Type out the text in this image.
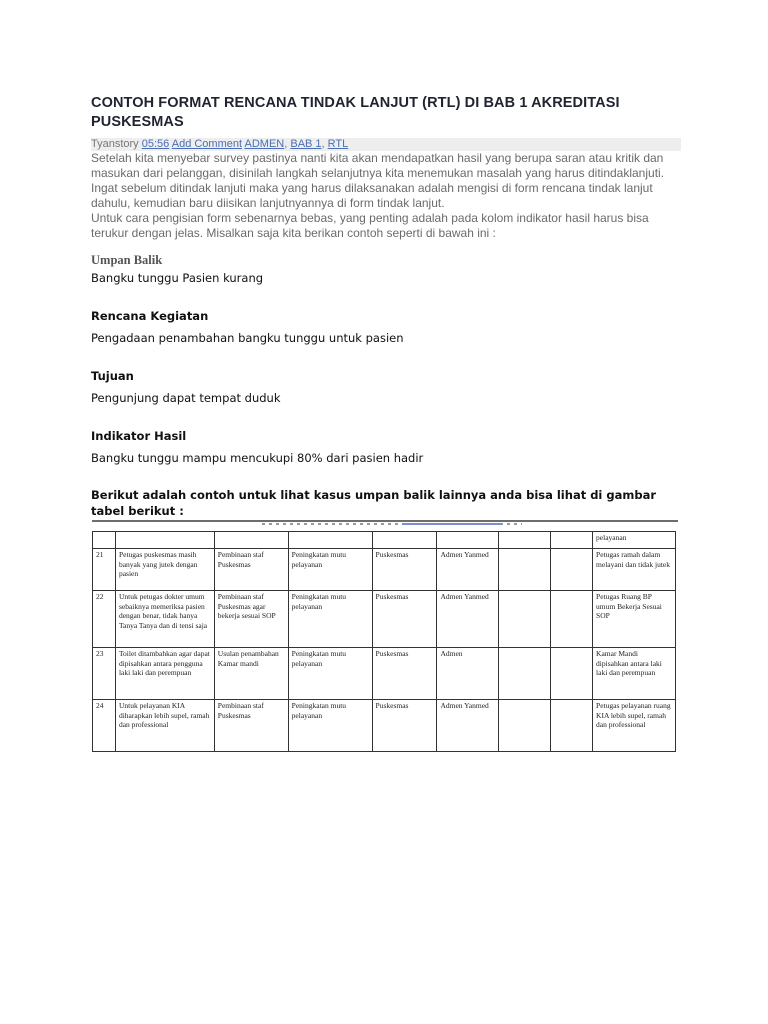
CONTOH FORMAT RENCANA TINDAK LANJUT (RTL) DI BAB 1 AKREDITASI PUSKESMAS
Tyanstory 05:56 Add Comment ADMEN, BAB 1, RTL

Setelah kita menyebar survey pastinya nanti kita akan mendapatkan hasil yang berupa saran atau kritik dan masukan dari pelanggan, disinilah langkah selanjutnya kita menemukan masalah yang harus ditindaklanjuti. Ingat sebelum ditindak lanjuti maka yang harus dilaksanakan adalah mengisi di form rencana tindak lanjut dahulu, kemudian baru diisikan lanjutnyannya di form tindak lanjut.

Untuk cara pengisian form sebenarnya bebas, yang penting adalah pada kolom indikator hasil harus bisa terukur dengan jelas. Misalkan saja kita berikan contoh seperti di bawah ini :

Umpan Balik
Bangku tunggu Pasien kurang
Rencana Kegiatan
Pengadaan penambahan bangku tunggu untuk pasien
Tujuan
Pengunjung dapat tempat duduk
Indikator Hasil
Bangku tunggu mampu mencukupi 80% dari pasien hadir
Berikut adalah contoh untuk lihat kasus umpan balik lainnya anda bisa lihat di gambar tabel berikut :
								pelayanan
21	Petugas puskesmas masih banyak yang jutek dengan pasien	Pembinaan staf Puskesmas	Peningkatan mutu pelayanan	Puskesmas	Admen Yanmed			Petugas ramah dalam melayani dan tidak jutek
22	Untuk petugas dokter umum sebaiknya memeriksa pasien dengan benar, tidak hanya Tanya Tanya dan di tensi saja	Pembinaan staf Puskesmas agar bekerja sesuai SOP	Peningkatan mutu pelayanan	Puskesmas	Admen Yanmed			Petugas Ruang BP umum Bekerja Sesuai SOP
23	Toilet ditambahkan agar dapat dipisahkan antara pengguna laki laki dan perempuan	Usulan penambahan Kamar mandi	Peningkatan mutu pelayanan	Puskesmas	Admen			Kamar Mandi dipisahkan antara laki laki dan perempuan
24	Untuk pelayanan KIA diharapkan lebih supel, ramah dan professional	Pembinaan staf Puskesmas	Peningkatan mutu pelayanan	Puskesmas	Admen Yanmed			Petugas pelayanan ruang KIA lebih supel, ramah dan professional
